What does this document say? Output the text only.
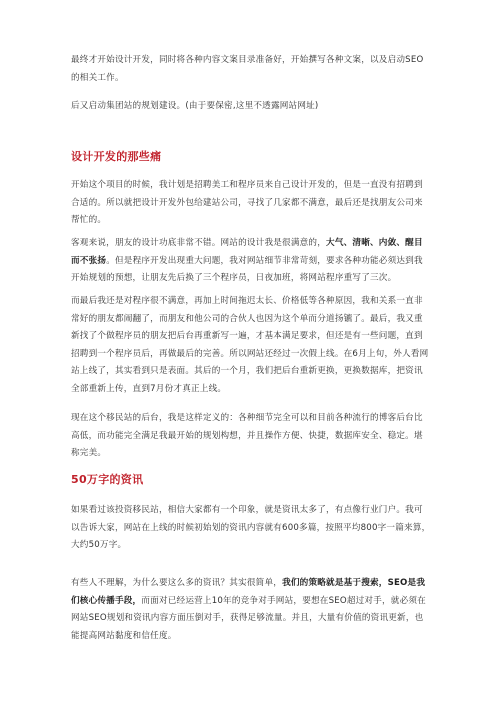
最终才开始设计开发，同时将各种内容文案目录准备好，开始撰写各种文案，以及启动SEO的相关工作。

后又启动集团站的规划建设。(由于要保密,这里不透露网站网址)

设计开发的那些痛

开始这个项目的时候，我计划是招聘美工和程序员来自己设计开发的，但是一直没有招聘到合适的。所以就把设计开发外包给建站公司，寻找了几家都不满意，最后还是找朋友公司来帮忙的。

客观来说，朋友的设计功底非常不错。网站的设计我是很满意的，大气、清晰、内敛、醒目而不张扬。但是程序开发出现重大问题，我对网站细节非常苛刻，要求各种功能必须达到我开始规划的预想，让朋友先后换了三个程序员，日夜加班，将网站程序重写了三次。

而最后我还是对程序很不满意，再加上时间拖迟太长、价格低等各种原因，我和关系一直非常好的朋友都闹翻了，而朋友和他公司的合伙人也因为这个单而分道扬镳了。最后，我又重新找了个做程序员的朋友把后台再重新写一遍，才基本满足要求，但还是有一些问题，直到招聘到一个程序员后，再做最后的完善。所以网站还经过一次假上线。在6月上旬，外人看网站上线了，其实看到只是表面。其后的一个月，我们把后台重新更换，更换数据库，把资讯全部重新上传，直到7月份才真正上线。

现在这个移民站的后台，我是这样定义的：各种细节完全可以和目前各种流行的博客后台比高低，而功能完全满足我最开始的规划构想，并且操作方便、快捷，数据库安全、稳定。堪称完美。

50万字的资讯

如果看过该投资移民站，相信大家都有一个印象，就是资讯太多了，有点像行业门户。我可以告诉大家，网站在上线的时候初始划的资讯内容就有600多篇，按照平均800字一篇来算，大约50万字。

有些人不理解，为什么要这么多的资讯？其实很简单，我们的策略就是基于搜索，SEO是我们核心传播手段，而面对已经运营上10年的竞争对手网站，要想在SEO超过对手，就必须在网站SEO规划和资讯内容方面压倒对手，获得足够流量。并且，大量有价值的资讯更新，也能提高网站黏度和信任度。
